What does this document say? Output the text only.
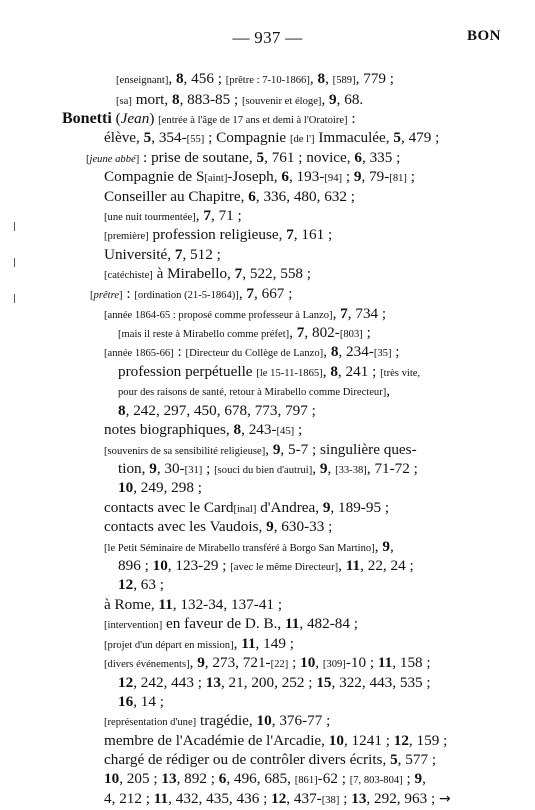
— 937 —	BON
[enseignant], 8, 456 ; [prêtre : 7-10-1866], 8, [589], 779 ;
[sa] mort, 8, 883-85 ; [souvenir et éloge], 9, 68.
Bonetti (Jean) [entrée à l'âge de 17 ans et demi à l'Oratoire] :
élève, 5, 354-[55] ; Compagnie [de l'] Immaculée, 5, 479 ;
[jeune abbé] : prise de soutane, 5, 761 ; novice, 6, 335 ;
Compagnie de S[aint]-Joseph, 6, 193-[94] ; 9, 79-[81] ;
Conseiller au Chapitre, 6, 336, 480, 632 ;
[une nuit tourmentée], 7, 71 ;
[première] profession religieuse, 7, 161 ;
Université, 7, 512 ;
[catéchiste] à Mirabello, 7, 522, 558 ;
[prêtre] : [ordination (21-5-1864)], 7, 667 ;
[année 1864-65 : proposé comme professeur à Lanzo], 7, 734 ;
[mais il reste à Mirabello comme préfet], 7, 802-[803] ;
[année 1865-66] : [Directeur du Collège de Lanzo], 8, 234-[35] ;
profession perpétuelle [le 15-11-1865], 8, 241 ; [très vite,
pour des raisons de santé, retour à Mirabello comme Directeur],
8, 242, 297, 450, 678, 773, 797 ;
notes biographiques, 8, 243-[45] ;
[souvenirs de sa sensibilité religieuse], 9, 5-7 ; singulière ques-
tion, 9, 30-[31] ; [souci du bien d'autrui], 9, [33-38], 71-72 ;
10, 249, 298 ;
contacts avec le Card[inal] d'Andrea, 9, 189-95 ;
contacts avec les Vaudois, 9, 630-33 ;
[le Petit Séminaire de Mirabello transféré à Borgo San Martino], 9,
896 ; 10, 123-29 ; [avec le même Directeur], 11, 22, 24 ;
12, 63 ;
à Rome, 11, 132-34, 137-41 ;
[intervention] en faveur de D. B., 11, 482-84 ;
[projet d'un départ en mission], 11, 149 ;
[divers événements], 9, 273, 721-[22] ; 10, [309]-10 ; 11, 158 ;
12, 242, 443 ; 13, 21, 200, 252 ; 15, 322, 443, 535 ;
16, 14 ;
[représentation d'une] tragédie, 10, 376-77 ;
membre de l'Académie de l'Arcadie, 10, 1241 ; 12, 159 ;
chargé de rédiger ou de contrôler divers écrits, 5, 577 ;
10, 205 ; 13, 892 ; 6, 496, 685, [861]-62 ; [7, 803-804] ; 9,
4, 212 ; 11, 432, 435, 436 ; 12, 437-[38] ; 13, 292, 963 ; →
